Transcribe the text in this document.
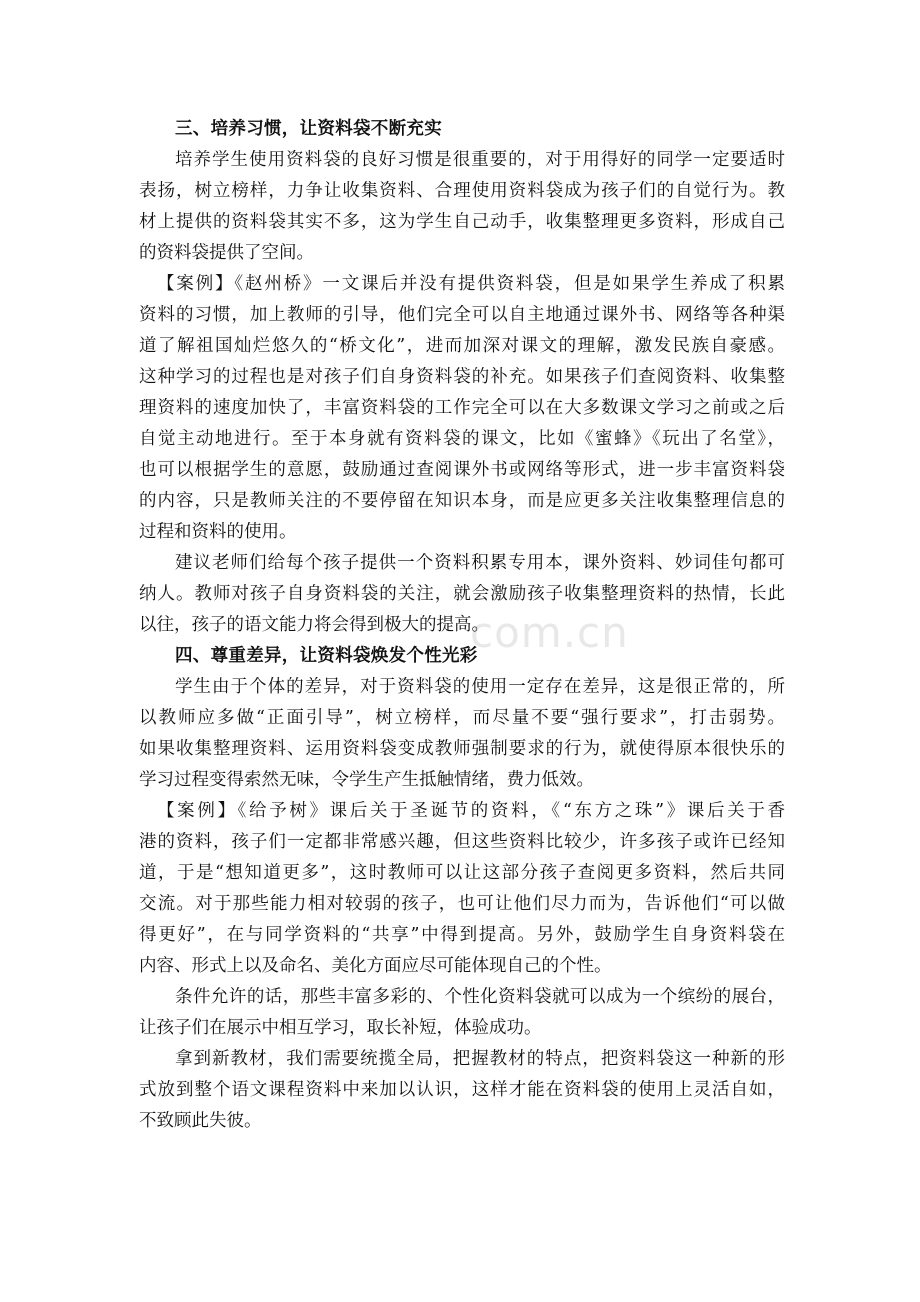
com.cn
三、培养习惯，让资料袋不断充实

培养学生使用资料袋的良好习惯是很重要的，对于用得好的同学一定要适时
表扬，树立榜样，力争让收集资料、合理使用资料袋成为孩子们的自觉行为。教
材上提供的资料袋其实不多，这为学生自己动手，收集整理更多资料，形成自己
的资料袋提供了空间。

【案例】《赵州桥》一文课后并没有提供资料袋，但是如果学生养成了积累
资料的习惯，加上教师的引导，他们完全可以自主地通过课外书、网络等各种渠
道了解祖国灿烂悠久的“桥文化”，进而加深对课文的理解，激发民族自豪感。
这种学习的过程也是对孩子们自身资料袋的补充。如果孩子们查阅资料、收集整
理资料的速度加快了，丰富资料袋的工作完全可以在大多数课文学习之前或之后
自觉主动地进行。至于本身就有资料袋的课文，比如《蜜蜂》《玩出了名堂》，
也可以根据学生的意愿，鼓励通过查阅课外书或网络等形式，进一步丰富资料袋
的内容，只是教师关注的不要停留在知识本身，而是应更多关注收集整理信息的
过程和资料的使用。

建议老师们给每个孩子提供一个资料积累专用本，课外资料、妙词佳句都可
纳人。教师对孩子自身资料袋的关注，就会激励孩子收集整理资料的热情，长此
以往，孩子的语文能力将会得到极大的提高。

四、尊重差异，让资料袋焕发个性光彩

学生由于个体的差异，对于资料袋的使用一定存在差异，这是很正常的，所
以教师应多做“正面引导”，树立榜样，而尽量不要“强行要求”，打击弱势。
如果收集整理资料、运用资料袋变成教师强制要求的行为，就使得原本很快乐的
学习过程变得索然无味，令学生产生抵触情绪，费力低效。

【案例】《给予树》课后关于圣诞节的资料，《“东方之珠”》课后关于香
港的资料，孩子们一定都非常感兴趣，但这些资料比较少，许多孩子或许已经知
道，于是“想知道更多”，这时教师可以让这部分孩子查阅更多资料，然后共同
交流。对于那些能力相对较弱的孩子，也可让他们尽力而为，告诉他们“可以做
得更好”，在与同学资料的“共享”中得到提高。另外，鼓励学生自身资料袋在
内容、形式上以及命名、美化方面应尽可能体现自己的个性。

条件允许的话，那些丰富多彩的、个性化资料袋就可以成为一个缤纷的展台，
让孩子们在展示中相互学习，取长补短，体验成功。

拿到新教材，我们需要统揽全局，把握教材的特点，把资料袋这一种新的形
式放到整个语文课程资料中来加以认识，这样才能在资料袋的使用上灵活自如，
不致顾此失彼。
